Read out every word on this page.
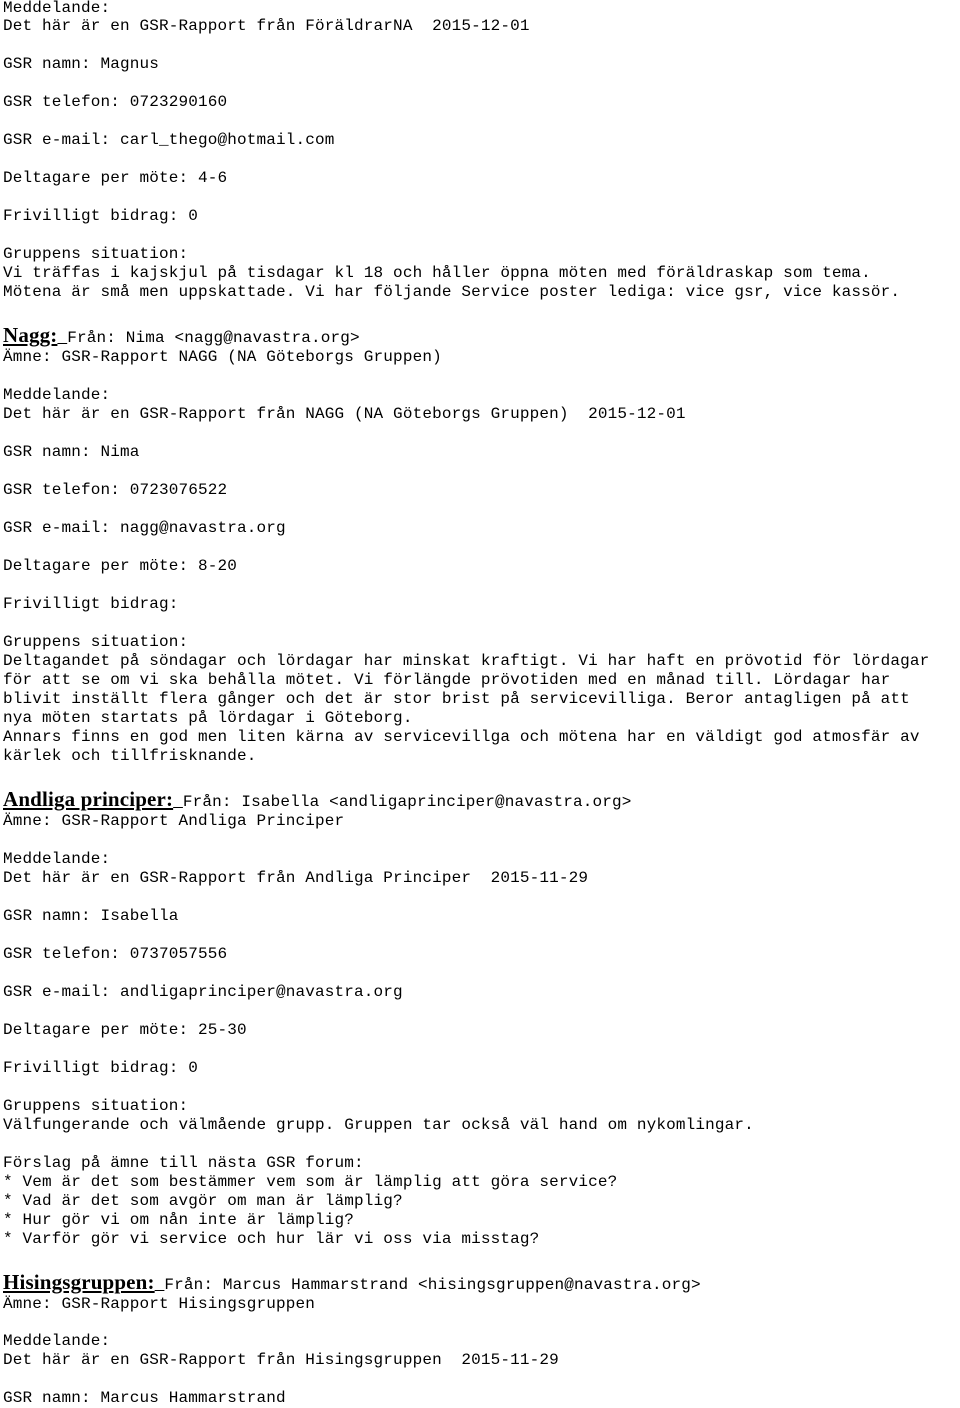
Meddelande:
Det här är en GSR-Rapport från FöräldrarNA  2015-12-01
GSR namn: Magnus
GSR telefon: 0723290160
GSR e-mail: carl_thego@hotmail.com
Deltagare per möte: 4-6
Frivilligt bidrag: 0
Gruppens situation:
Vi träffas i kajskjul på tisdagar kl 18 och håller öppna möten med föräldraskap som tema.
Mötena är små men uppskattade. Vi har följande Service poster lediga: vice gsr, vice kassör.
Nagg: Från: Nima <nagg@navastra.org>
Ämne: GSR-Rapport NAGG (NA Göteborgs Gruppen)
Meddelande:
Det här är en GSR-Rapport från NAGG (NA Göteborgs Gruppen)  2015-12-01
GSR namn: Nima
GSR telefon: 0723076522
GSR e-mail: nagg@navastra.org
Deltagare per möte: 8-20
Frivilligt bidrag:
Gruppens situation:
Deltagandet på söndagar och lördagar har minskat kraftigt. Vi har haft en prövotid för lördagar
för att se om vi ska behålla mötet. Vi förlängde prövotiden med en månad till. Lördagar har
blivit inställt flera gånger och det är stor brist på servicevilliga. Beror antagligen på att
nya möten startats på lördagar i Göteborg.
Annars finns en god men liten kärna av servicevillga och mötena har en väldigt god atmosfär av
kärlek och tillfrisknande.
Andliga principer: Från: Isabella <andligaprinciper@navastra.org>
Ämne: GSR-Rapport Andliga Principer
Meddelande:
Det här är en GSR-Rapport från Andliga Principer  2015-11-29
GSR namn: Isabella
GSR telefon: 0737057556
GSR e-mail: andligaprinciper@navastra.org
Deltagare per möte: 25-30
Frivilligt bidrag: 0
Gruppens situation:
Välfungerande och välmående grupp. Gruppen tar också väl hand om nykomlingar.
Förslag på ämne till nästa GSR forum:
* Vem är det som bestämmer vem som är lämplig att göra service?
* Vad är det som avgör om man är lämplig?
* Hur gör vi om nån inte är lämplig?
* Varför gör vi service och hur lär vi oss via misstag?
Hisingsgruppen: Från: Marcus Hammarstrand <hisingsgruppen@navastra.org>
Ämne: GSR-Rapport Hisingsgruppen
Meddelande:
Det här är en GSR-Rapport från Hisingsgruppen  2015-11-29
GSR namn: Marcus Hammarstrand
